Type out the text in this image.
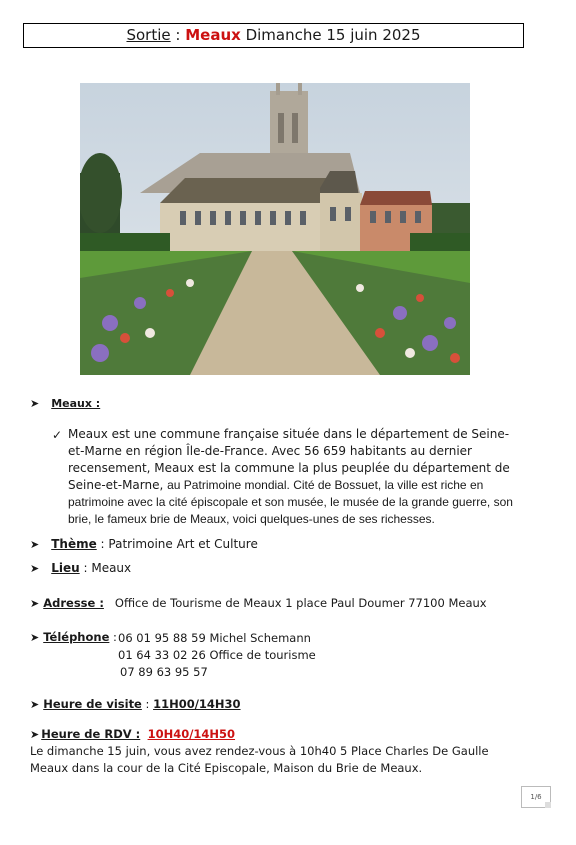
Sortie : Meaux Dimanche 15 juin 2025
➤ Meaux :
✓ Meaux est une commune française située dans le département de Seine-et-Marne en région Île-de-France. Avec 56 659 habitants au dernier recensement, Meaux est la commune la plus peuplée du département de Seine-et-Marne, au Patrimoine mondial. Cité de Bossuet, la ville est riche en patrimoine avec la cité épiscopale et son musée, le musée de la grande guerre, son brie, le fameux brie de Meaux, voici quelques-unes de ses richesses.
➤ Thème : Patrimoine Art et Culture
➤ Lieu : Meaux
➤ Adresse : Office de Tourisme de Meaux 1 place Paul Doumer 77100 Meaux
➤ Téléphone : 06 01 95 88 59 Michel Schemann
01 64 33 02 26 Office de tourisme
07 89 63 95 57
➤ Heure de visite : 11H00/14H30
➤ Heure de RDV : 10H40/14H50
Le dimanche 15 juin, vous avez rendez-vous à 10h40 5 Place Charles De Gaulle Meaux dans la cour de la Cité Episcopale, Maison du Brie de Meaux.
1/6
